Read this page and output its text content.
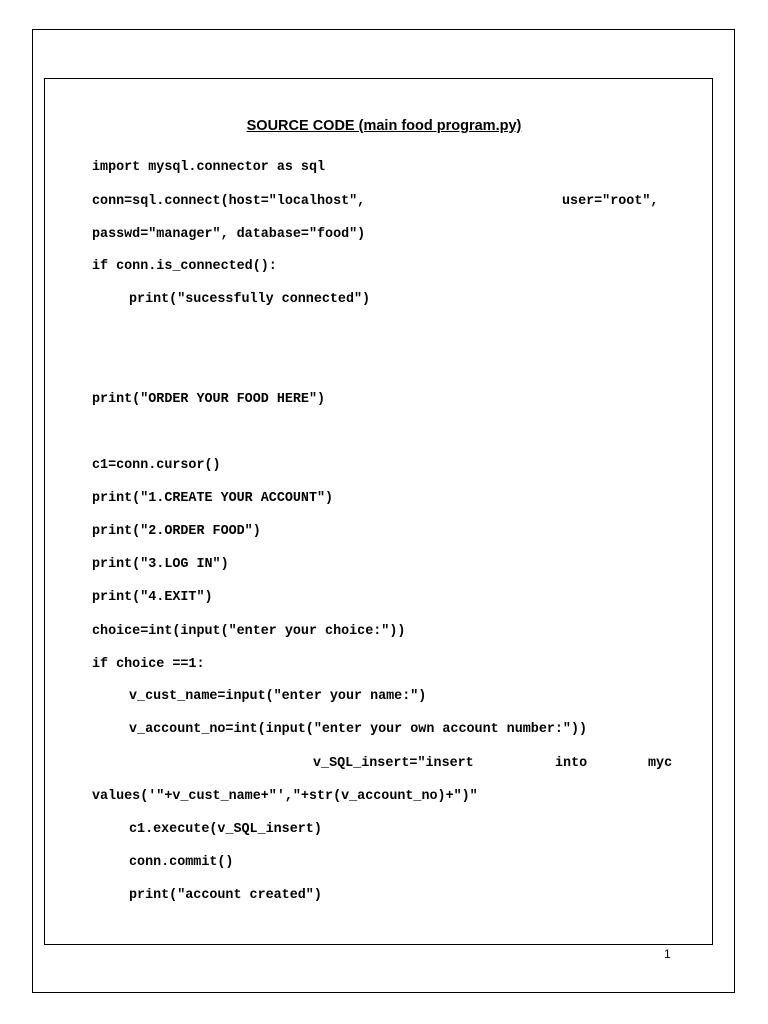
SOURCE CODE (main food program.py)
import mysql.connector as sql
conn=sql.connect(host="localhost",	user="root",
passwd="manager", database="food")
if conn.is_connected():
print("sucessfully connected")
print("ORDER YOUR FOOD HERE")
c1=conn.cursor()
print("1.CREATE YOUR ACCOUNT")
print("2.ORDER FOOD")
print("3.LOG IN")
print("4.EXIT")
choice=int(input("enter your choice:"))
if choice ==1:
v_cust_name=input("enter your name:")
v_account_no=int(input("enter your own account number:"))
v_SQL_insert="insert	into	myc
values('"+v_cust_name+"',"+str(v_account_no)+")"
c1.execute(v_SQL_insert)
conn.commit()
print("account created")
1
